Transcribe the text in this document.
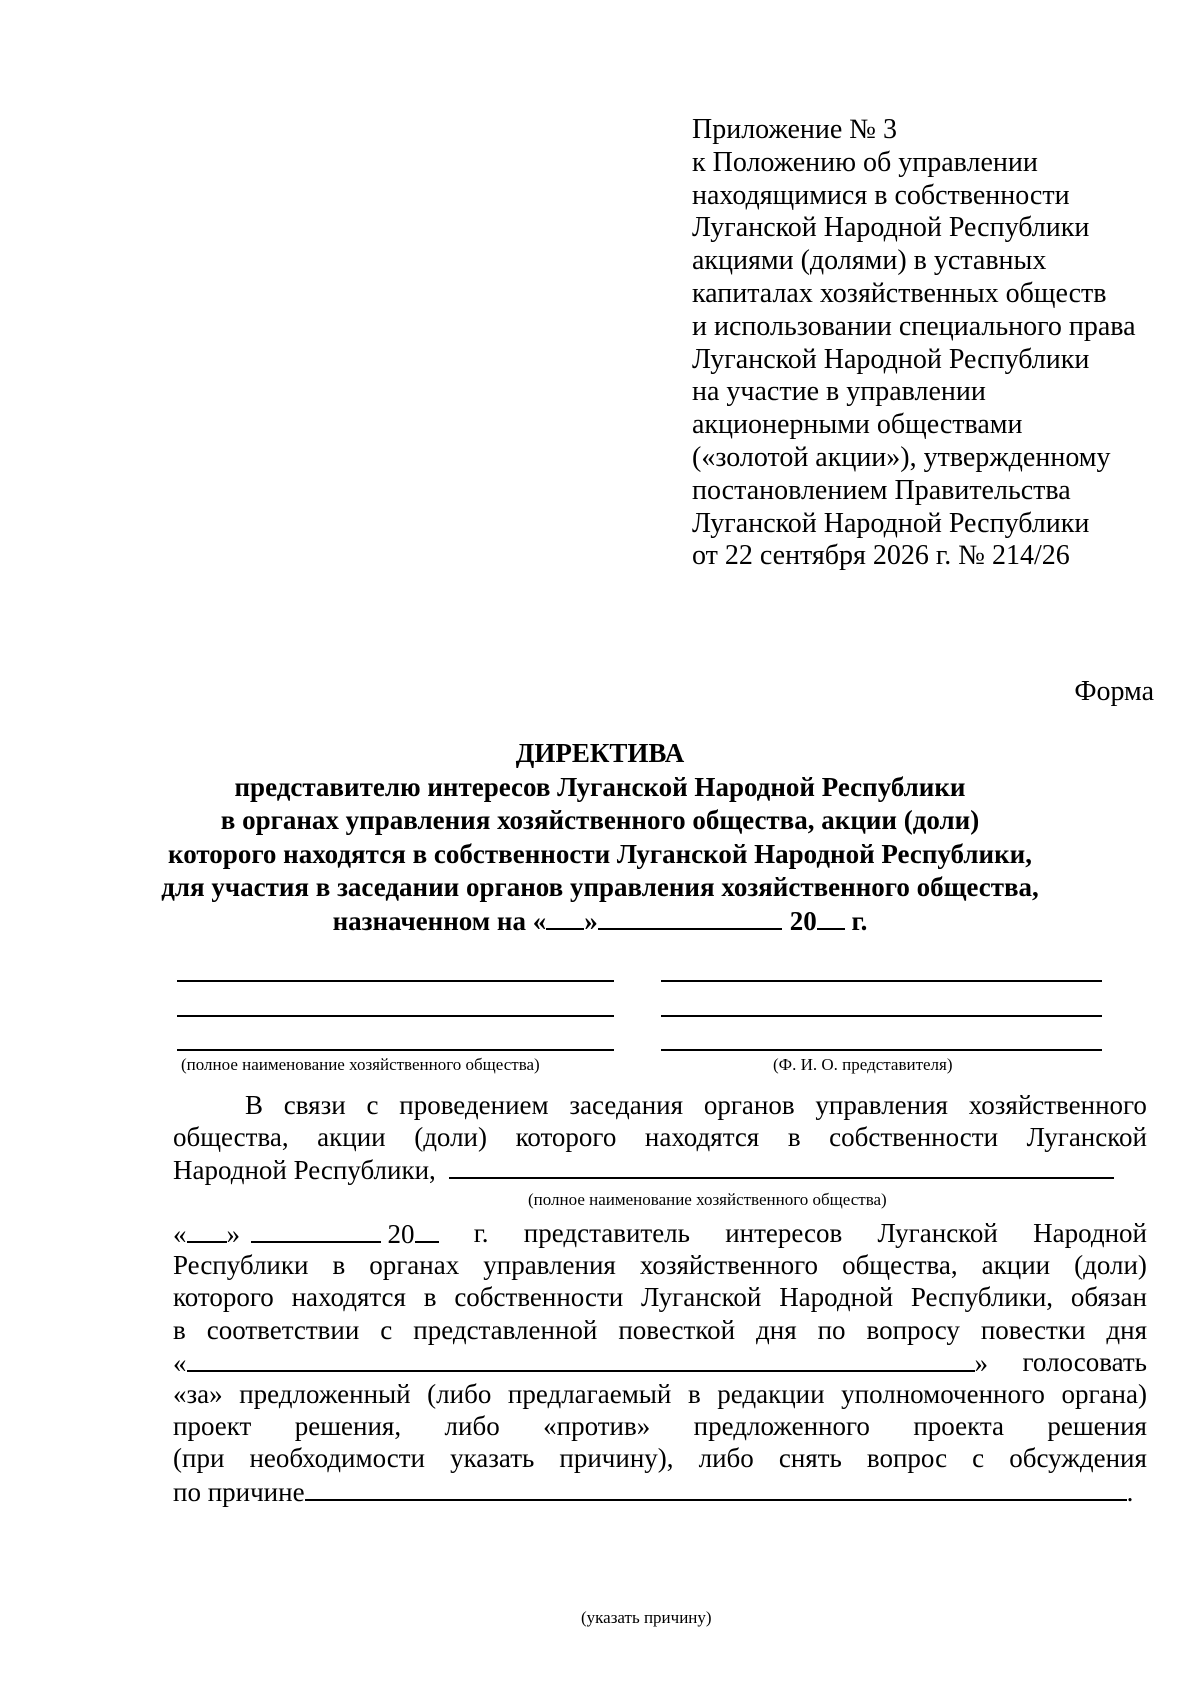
Приложение № 3
к Положению об управлении
находящимися в собственности
Луганской Народной Республики
акциями (долями) в уставных
капиталах хозяйственных обществ
и использовании специального права
Луганской Народной Республики
на участие в управлении
акционерными обществами
(«золотой акции»), утвержденному
постановлением Правительства
Луганской Народной Республики
от 22 сентября 2026 г. № 214/26
Форма
ДИРЕКТИВА
представителю интересов Луганской Народной Республики
в органах управления хозяйственного общества, акции (доли)
которого находятся в собственности Луганской Народной Республики,
для участия в заседании органов управления хозяйственного общества,
назначенном на « »	20 г.
(полное наименование хозяйственного общества)	(Ф. И. О. представителя)
В связи с проведением заседания органов управления хозяйственного
общества, акции (доли) которого находятся в собственности Луганской
Народной Республики,
(полное наименование хозяйственного общества)
« »	20	г. представитель интересов Луганской Народной
Республики в органах управления хозяйственного общества, акции (доли)
которого находятся в собственности Луганской Народной Республики, обязан
в соответствии с представленной повесткой дня по вопросу повестки дня
«	» голосовать
«за» предложенный (либо предлагаемый в редакции уполномоченного органа)
проект решения, либо «против» предложенного проекта решения
(при необходимости указать причину), либо снять вопрос с обсуждения
по причине	.
(указать причину)
